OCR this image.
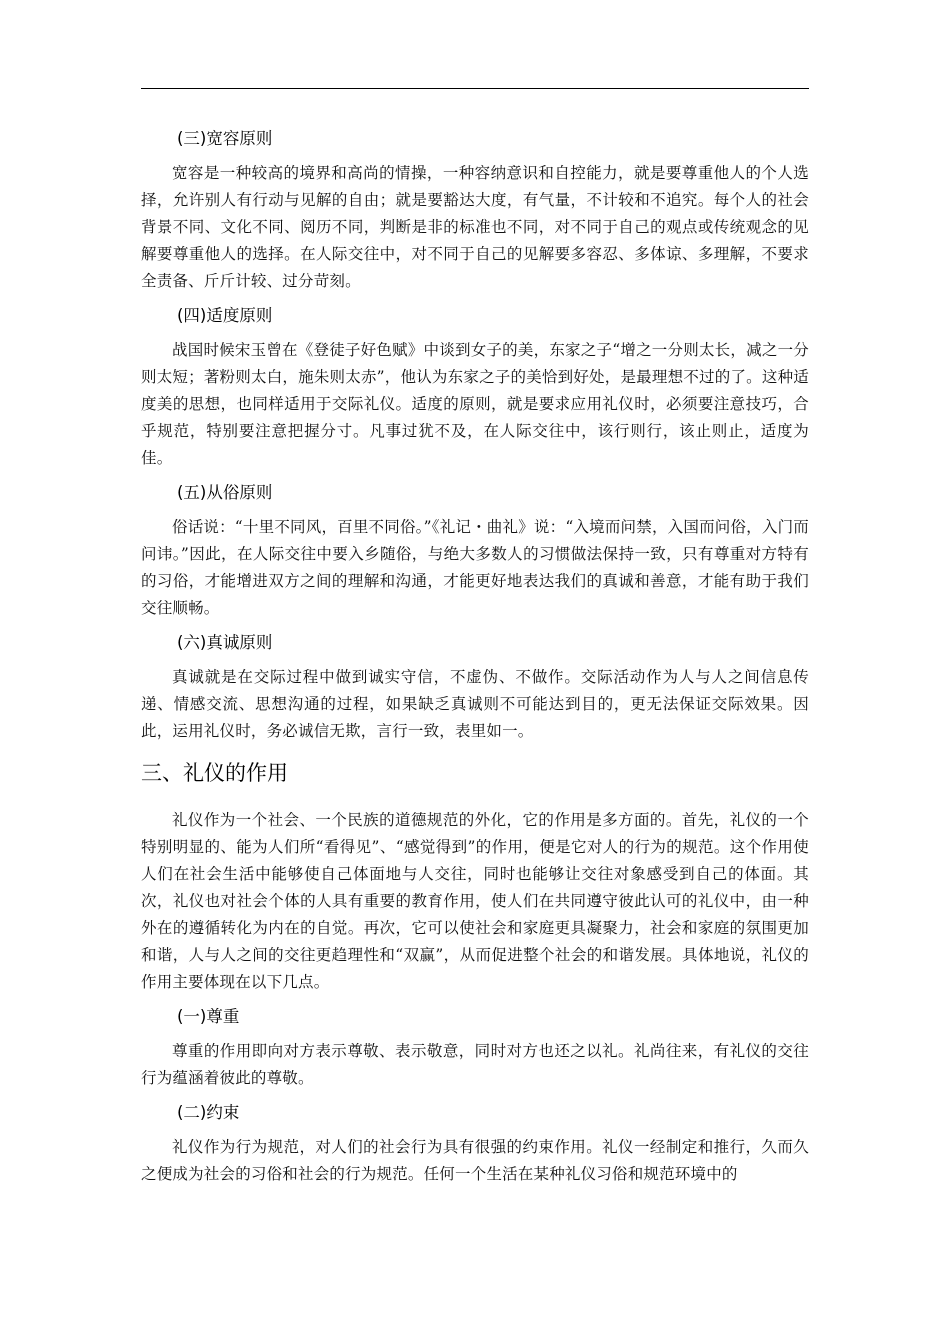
(三)宽容原则

宽容是一种较高的境界和高尚的情操，一种容纳意识和自控能力，就是要尊重他人的个人选择，允许别人有行动与见解的自由；就是要豁达大度，有气量，不计较和不追究。每个人的社会背景不同、文化不同、阅历不同，判断是非的标准也不同，对不同于自己的观点或传统观念的见解要尊重他人的选择。在人际交往中，对不同于自己的见解要多容忍、多体谅、多理解，不要求全责备、斤斤计较、过分苛刻。

(四)适度原则

战国时候宋玉曾在《登徒子好色赋》中谈到女子的美，东家之子“增之一分则太长，减之一分则太短；著粉则太白，施朱则太赤”，他认为东家之子的美恰到好处，是最理想不过的了。这种适度美的思想，也同样适用于交际礼仪。适度的原则，就是要求应用礼仪时，必须要注意技巧，合乎规范，特别要注意把握分寸。凡事过犹不及，在人际交往中，该行则行，该止则止，适度为佳。

(五)从俗原则

俗话说：“十里不同风，百里不同俗。”《礼记・曲礼》说：“入境而问禁，入国而问俗，入门而问讳。”因此，在人际交往中要入乡随俗，与绝大多数人的习惯做法保持一致，只有尊重对方特有的习俗，才能增进双方之间的理解和沟通，才能更好地表达我们的真诚和善意，才能有助于我们交往顺畅。

(六)真诚原则

真诚就是在交际过程中做到诚实守信，不虚伪、不做作。交际活动作为人与人之间信息传递、情感交流、思想沟通的过程，如果缺乏真诚则不可能达到目的，更无法保证交际效果。因此，运用礼仪时，务必诚信无欺，言行一致，表里如一。

三、礼仪的作用

礼仪作为一个社会、一个民族的道德规范的外化，它的作用是多方面的。首先，礼仪的一个特别明显的、能为人们所“看得见”、“感觉得到”的作用，便是它对人的行为的规范。这个作用使人们在社会生活中能够使自己体面地与人交往，同时也能够让交往对象感受到自己的体面。其次，礼仪也对社会个体的人具有重要的教育作用，使人们在共同遵守彼此认可的礼仪中，由一种外在的遵循转化为内在的自觉。再次，它可以使社会和家庭更具凝聚力，社会和家庭的氛围更加和谐，人与人之间的交往更趋理性和“双赢”，从而促进整个社会的和谐发展。具体地说，礼仪的作用主要体现在以下几点。

(一)尊重

尊重的作用即向对方表示尊敬、表示敬意，同时对方也还之以礼。礼尚往来，有礼仪的交往行为蕴涵着彼此的尊敬。

(二)约束

礼仪作为行为规范，对人们的社会行为具有很强的约束作用。礼仪一经制定和推行，久而久之便成为社会的习俗和社会的行为规范。任何一个生活在某种礼仪习俗和规范环境中的
